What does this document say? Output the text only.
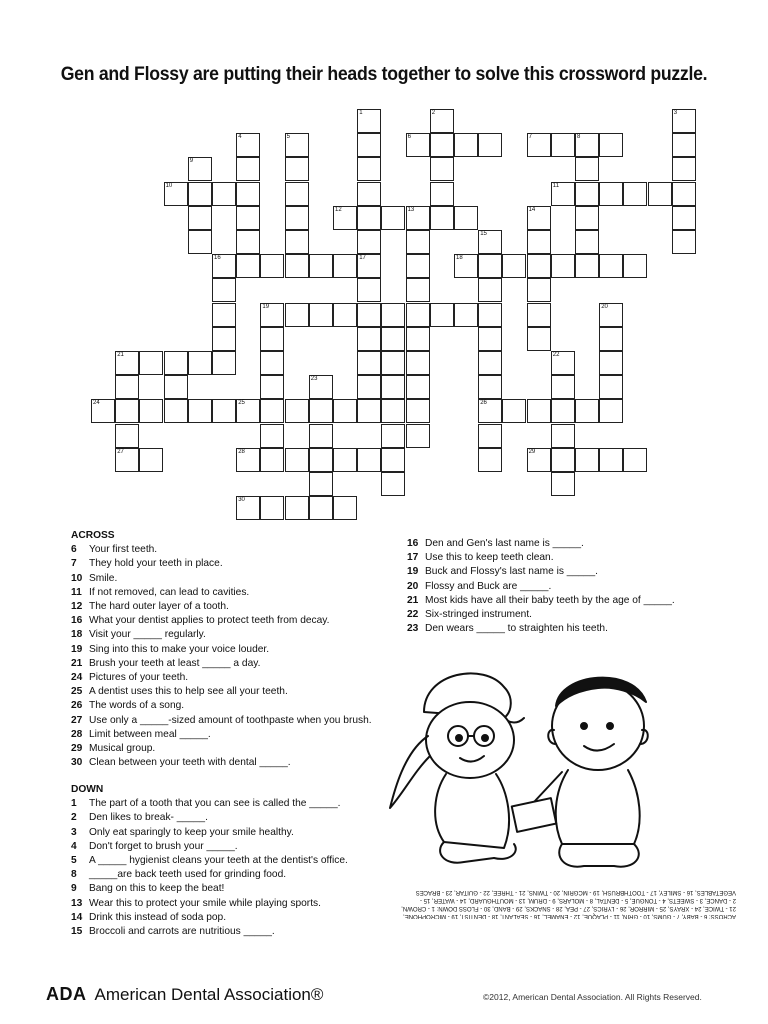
Gen and Flossy are putting their heads together to solve this crossword puzzle.
6	7	8
10	11
12	13
16	17	18
19
21
24	25	26
27	28	29
30
1	2	3
4	5
9
14
15
20
22
23
ACROSS
6 Your first teeth.
7 They hold your teeth in place.
10 Smile.
11 If not removed, can lead to cavities.
12 The hard outer layer of a tooth.
16 What your dentist applies to protect teeth from decay.
18 Visit your _____ regularly.
19 Sing into this to make your voice louder.
21 Brush your teeth at least _____ a day.
24 Pictures of your teeth.
25 A dentist uses this to help see all your teeth.
26 The words of a song.
27 Use only a _____-sized amount of toothpaste when you brush.
28 Limit between meal _____.
29 Musical group.
30 Clean between your teeth with dental _____.
DOWN
1 The part of a tooth that you can see is called the _____.
2 Den likes to break- _____.
3 Only eat sparingly to keep your smile healthy.
4 Don't forget to brush your _____.
5 A _____ hygienist cleans your teeth at the dentist's office.
8 _____are back teeth used for grinding food.
9 Bang on this to keep the beat!
13 Wear this to protect your smile while playing sports.
14 Drink this instead of soda pop.
15 Broccoli and carrots are nutritious _____.
16 Den and Gen's last name is _____.
17 Use this to keep teeth clean.
19 Buck and Flossy's last name is _____.
20 Flossy and Buck are _____.
21 Most kids have all their baby teeth by the age of _____.
22 Six-stringed instrument.
23 Den wears _____ to straighten his teeth.
ACROSS: 6 - BABY, 7 - GUMS, 10 - GRIN, 11 - PLAQUE, 12 - ENAMEL, 16 - SEALANT, 18 - DENTIST, 19 - MICROPHONE, 21 - TWICE, 24 - XRAYS, 25 - MIRROR, 26 - LYRICS, 27 - PEA, 28 - SNACKS, 29 - BAND, 30 - FLOSS DOWN: 1 - CROWN, 2 - DANCE, 3 - SWEETS, 4 - TONGUE, 5 - DENTAL, 8 - MOLARS, 9 - DRUM, 13 - MOUTHGUARD, 14 - WATER, 15 - VEGETABLES, 16 - SMILEY, 17 - TOOTHBRUSH, 19 - MCGRIN, 20 - TWINS, 21 - THREE, 22 - GUITAR, 23 - BRACES
ADA American Dental Association®	©2012, American Dental Association. All Rights Reserved.
